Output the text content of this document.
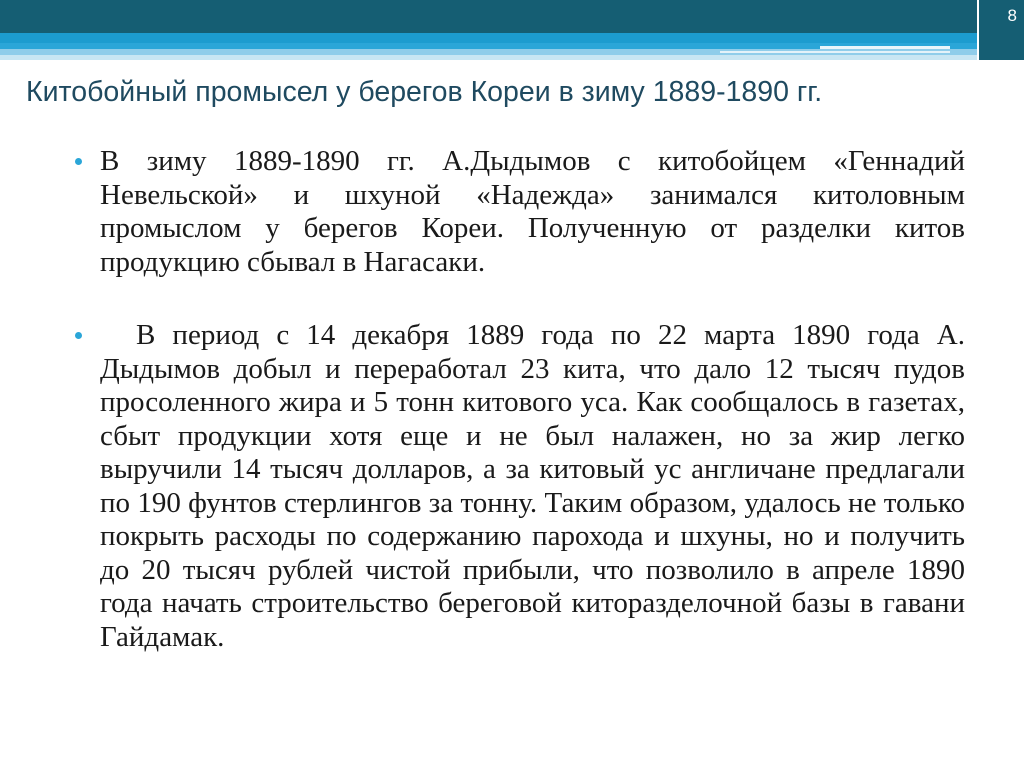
8
Китобойный промысел у берегов Кореи в зиму 1889-1890 гг.
В зиму 1889-1890 гг. А.Дыдымов с китобойцем «Геннадий Невельской» и шхуной «Надежда» занимался китоловным промыслом у берегов Кореи. Полученную от разделки китов продукцию сбывал в Нагасаки.
В период с 14 декабря 1889 года по 22 марта 1890 года А. Дыдымов добыл и переработал 23 кита, что дало 12 тысяч пудов просоленного жира и 5 тонн китового уса. Как сообщалось в газетах, сбыт продукции хотя еще и не был налажен, но за жир легко выручили 14 тысяч долларов, а за китовый ус англичане предлагали по 190 фунтов стерлингов за тонну. Таким образом, удалось не только покрыть расходы по содержанию парохода и шхуны, но и получить до 20 тысяч рублей чистой прибыли, что позволило в апреле 1890 года начать строительство береговой киторазделочной базы в гавани Гайдамак.
